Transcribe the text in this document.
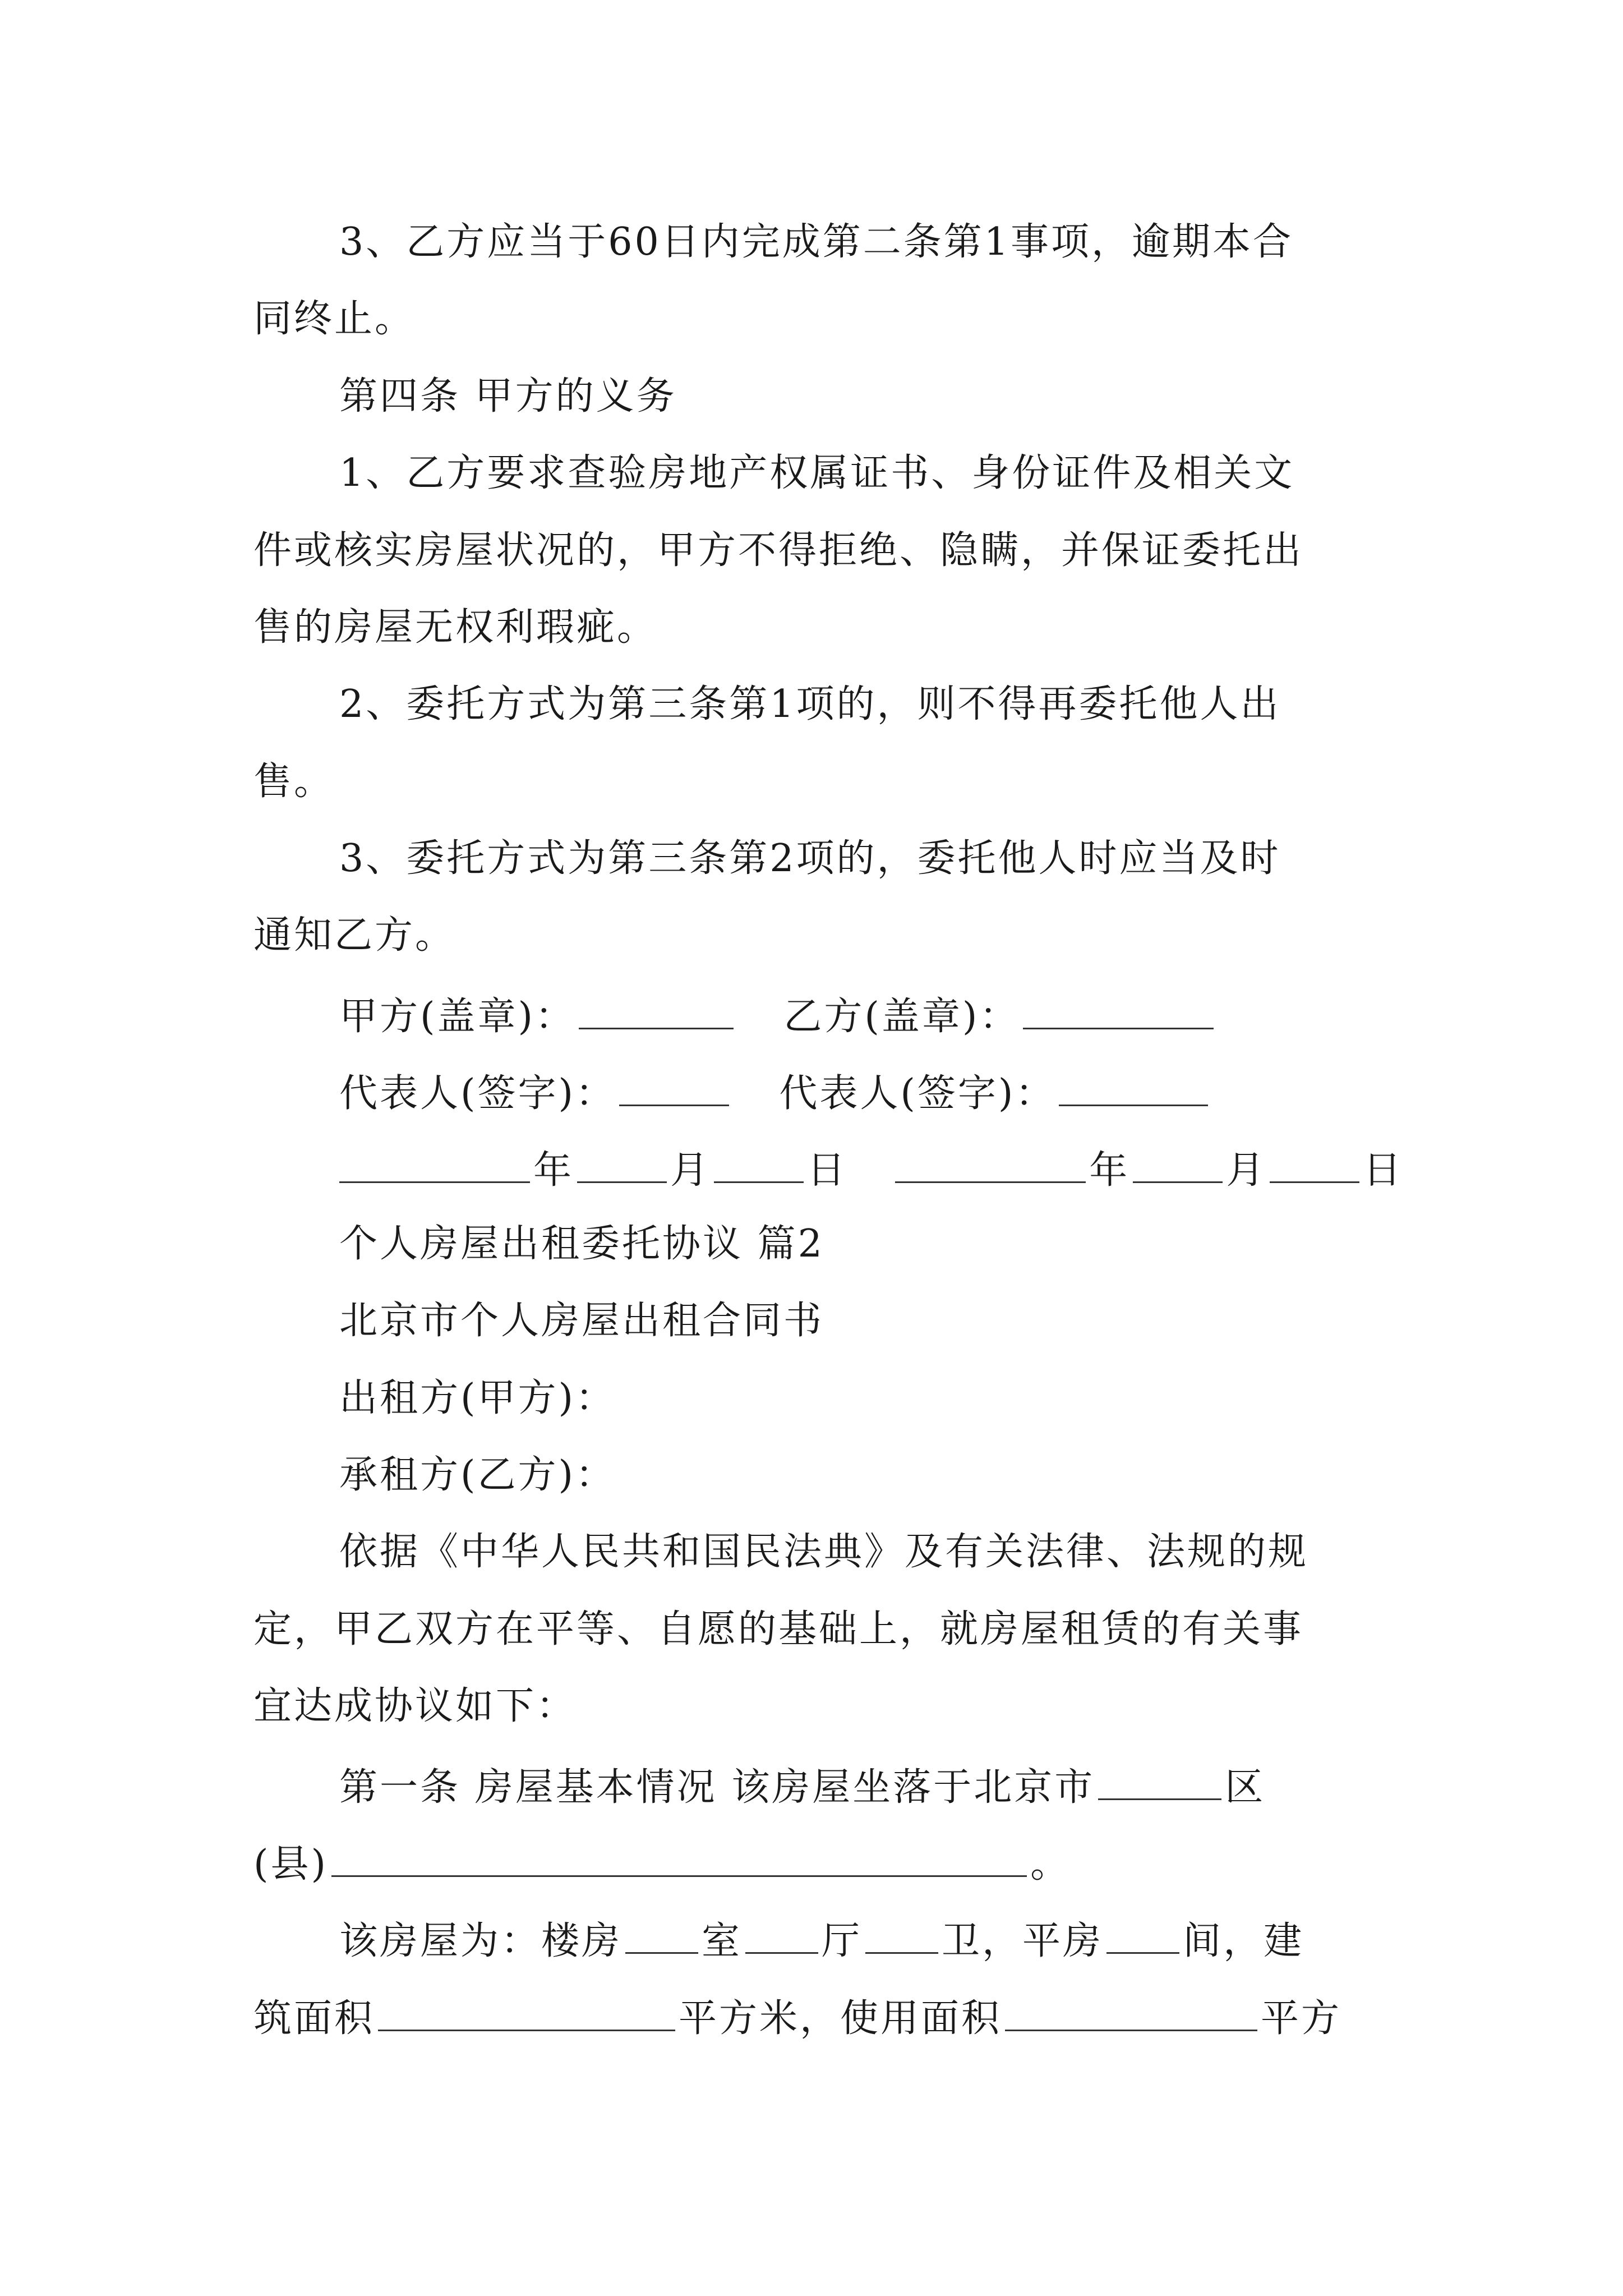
3、乙方应当于60日内完成第二条第1事项，逾期本合
同终止。
第四条 甲方的义务
1、乙方要求查验房地产权属证书、身份证件及相关文
件或核实房屋状况的，甲方不得拒绝、隐瞒，并保证委托出
售的房屋无权利瑕疵。
2、委托方式为第三条第1项的，则不得再委托他人出
售。
3、委托方式为第三条第2项的，委托他人时应当及时
通知乙方。
甲方(盖章)：	乙方(盖章)：
代表人(签字)：	代表人(签字)：
年	月	日	年	月	日
个人房屋出租委托协议 篇2
北京市个人房屋出租合同书
出租方(甲方)：
承租方(乙方)：
依据《中华人民共和国民法典》及有关法律、法规的规
定，甲乙双方在平等、自愿的基础上，就房屋租赁的有关事
宜达成协议如下：
第一条 房屋基本情况 该房屋坐落于北京市	区
(县)	。
该房屋为：楼房 室 厅 卫，平房 间，建
筑面积	平方米，使用面积	平方
